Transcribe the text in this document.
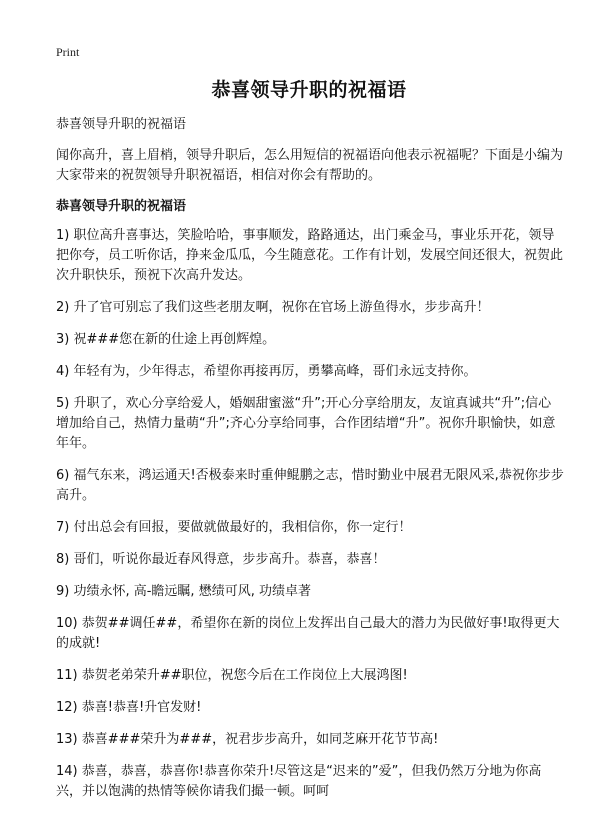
Print
恭喜领导升职的祝福语

恭喜领导升职的祝福语

闻你高升，喜上眉梢，领导升职后，怎么用短信的祝福语向他表示祝福呢？下面是小编为大家带来的祝贺领导升职祝福语，相信对你会有帮助的。

恭喜领导升职的祝福语

1) 职位高升喜事达，笑脸哈哈，事事顺发，路路通达，出门乘金马，事业乐开花，领导把你夸，员工听你话，挣来金瓜瓜，今生随意花。工作有计划，发展空间还很大，祝贺此次升职快乐，预祝下次高升发达。
2) 升了官可别忘了我们这些老朋友啊，祝你在官场上游鱼得水，步步高升！
3) 祝###您在新的仕途上再创辉煌。
4) 年轻有为，少年得志，希望你再接再厉，勇攀高峰，哥们永远支持你。
5) 升职了，欢心分享给爱人，婚姻甜蜜滋“升”;开心分享给朋友，友谊真诚共“升”;信心增加给自己，热情力量萌“升”;齐心分享给同事，合作团结增“升”。祝你升职愉快，如意年年。
6) 福气东来，鸿运通天!否极泰来时重伸鲲鹏之志，惜时勤业中展君无限风采,恭祝你步步高升。
7) 付出总会有回报，要做就做最好的，我相信你，你一定行！
8) 哥们，听说你最近春风得意，步步高升。恭喜，恭喜！
9) 功绩永怀, 高-瞻远瞩, 懋绩可风, 功绩卓著
10) 恭贺##调任##，希望你在新的岗位上发挥出自己最大的潜力为民做好事!取得更大的成就!
11) 恭贺老弟荣升##职位，祝您今后在工作岗位上大展鸿图!
12) 恭喜!恭喜!升官发财!
13) 恭喜###荣升为###，祝君步步高升，如同芝麻开花节节高!
14) 恭喜，恭喜，恭喜你!恭喜你荣升!尽管这是“迟来的”爱”，但我仍然万分地为你高兴，并以饱满的热情等候你请我们撮一顿。呵呵
